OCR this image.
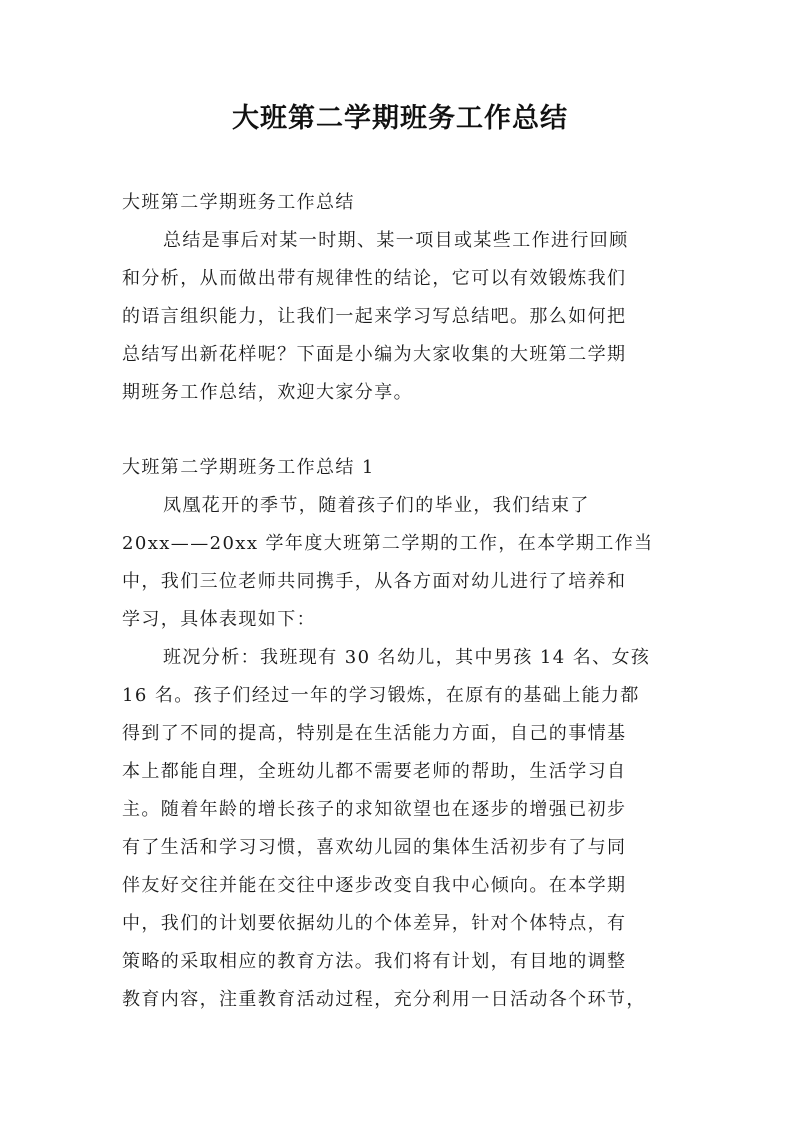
大班第二学期班务工作总结

大班第二学期班务工作总结

总结是事后对某一时期、某一项目或某些工作进行回顾

和分析，从而做出带有规律性的结论，它可以有效锻炼我们

的语言组织能力，让我们一起来学习写总结吧。那么如何把

总结写出新花样呢？下面是小编为大家收集的大班第二学期

期班务工作总结，欢迎大家分享。

大班第二学期班务工作总结 1

凤凰花开的季节，随着孩子们的毕业，我们结束了

20xx——20xx 学年度大班第二学期的工作，在本学期工作当

中，我们三位老师共同携手，从各方面对幼儿进行了培养和

学习，具体表现如下：

班况分析：我班现有 30 名幼儿，其中男孩 14 名、女孩

16 名。孩子们经过一年的学习锻炼，在原有的基础上能力都

得到了不同的提高，特别是在生活能力方面，自己的事情基

本上都能自理，全班幼儿都不需要老师的帮助，生活学习自

主。随着年龄的增长孩子的求知欲望也在逐步的增强已初步

有了生活和学习习惯，喜欢幼儿园的集体生活初步有了与同

伴友好交往并能在交往中逐步改变自我中心倾向。在本学期

中，我们的计划要依据幼儿的个体差异，针对个体特点，有

策略的采取相应的教育方法。我们将有计划，有目地的调整

教育内容，注重教育活动过程，充分利用一日活动各个环节，
